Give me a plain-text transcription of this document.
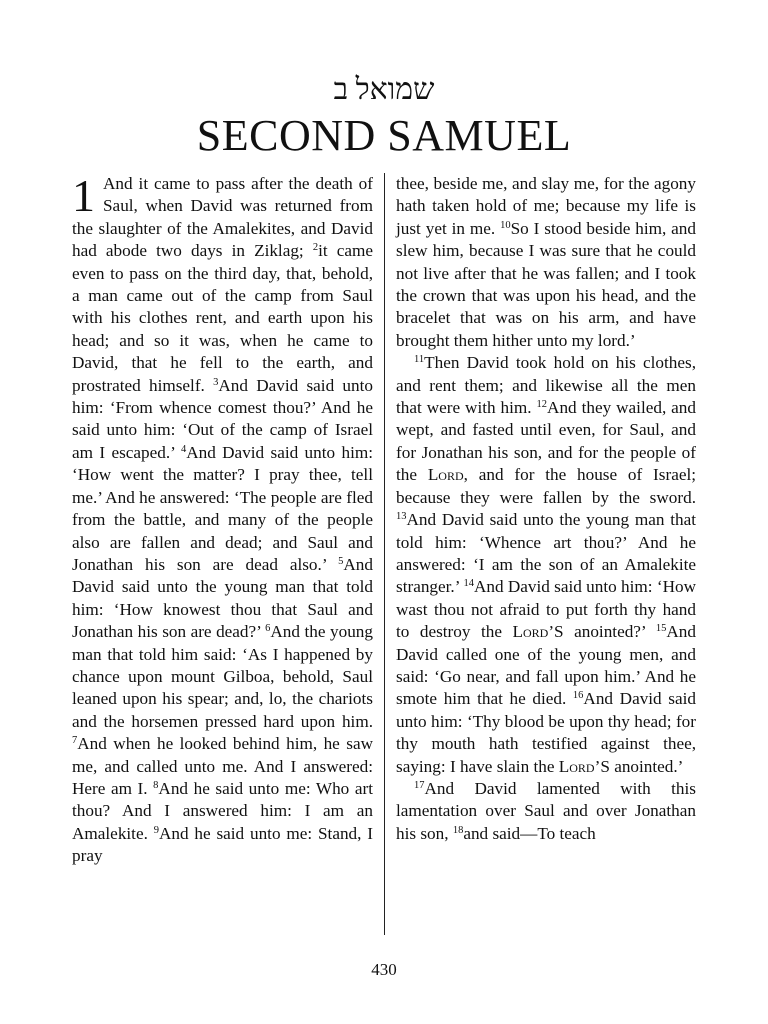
שמואל ב
SECOND SAMUEL

1 And it came to pass after the death of Saul, when David was returned from the slaughter of the Amalekites, and David had abode two days in Ziklag; $^2$it came even to pass on the third day, that, behold, a man came out of the camp from Saul with his clothes rent, and earth upon his head; and so it was, when he came to David, that he fell to the earth, and prostrated himself. $^3$And David said unto him: ‘From whence comest thou?’ And he said unto him: ‘Out of the camp of Israel am I escaped.’ $^4$And David said unto him: ‘How went the matter? I pray thee, tell me.’ And he answered: ‘The people are fled from the battle, and many of the people also are fallen and dead; and Saul and Jonathan his son are dead also.’ $^5$And David said unto the young man that told him: ‘How knowest thou that Saul and Jonathan his son are dead?’ $^6$And the young man that told him said: ‘As I happened by chance upon mount Gilboa, behold, Saul leaned upon his spear; and, lo, the chariots and the horsemen pressed hard upon him. $^7$And when he looked behind him, he saw me, and called unto me. And I answered: Here am I. $^8$And he said unto me: Who art thou? And I answered him: I am an Amalekite. $^9$And he said unto me: Stand, I pray

thee, beside me, and slay me, for the agony hath taken hold of me; because my life is just yet in me. $^{10}$So I stood beside him, and slew him, because I was sure that he could not live after that he was fallen; and I took the crown that was upon his head, and the bracelet that was on his arm, and have brought them hither unto my lord.’

$^{11}$Then David took hold on his clothes, and rent them; and likewise all the men that were with him. $^{12}$And they wailed, and wept, and fasted until even, for Saul, and for Jonathan his son, and for the people of the Lord, and for the house of Israel; because they were fallen by the sword. $^{13}$And David said unto the young man that told him: ‘Whence art thou?’ And he answered: ‘I am the son of an Amalekite stranger.’ $^{14}$And David said unto him: ‘How wast thou not afraid to put forth thy hand to destroy the Lord’S anointed?’ $^{15}$And David called one of the young men, and said: ‘Go near, and fall upon him.’ And he smote him that he died. $^{16}$And David said unto him: ‘Thy blood be upon thy head; for thy mouth hath testified against thee, saying: I have slain the Lord’S anointed.’

$^{17}$And David lamented with this lamentation over Saul and over Jonathan his son, $^{18}$and said—To teach

430
